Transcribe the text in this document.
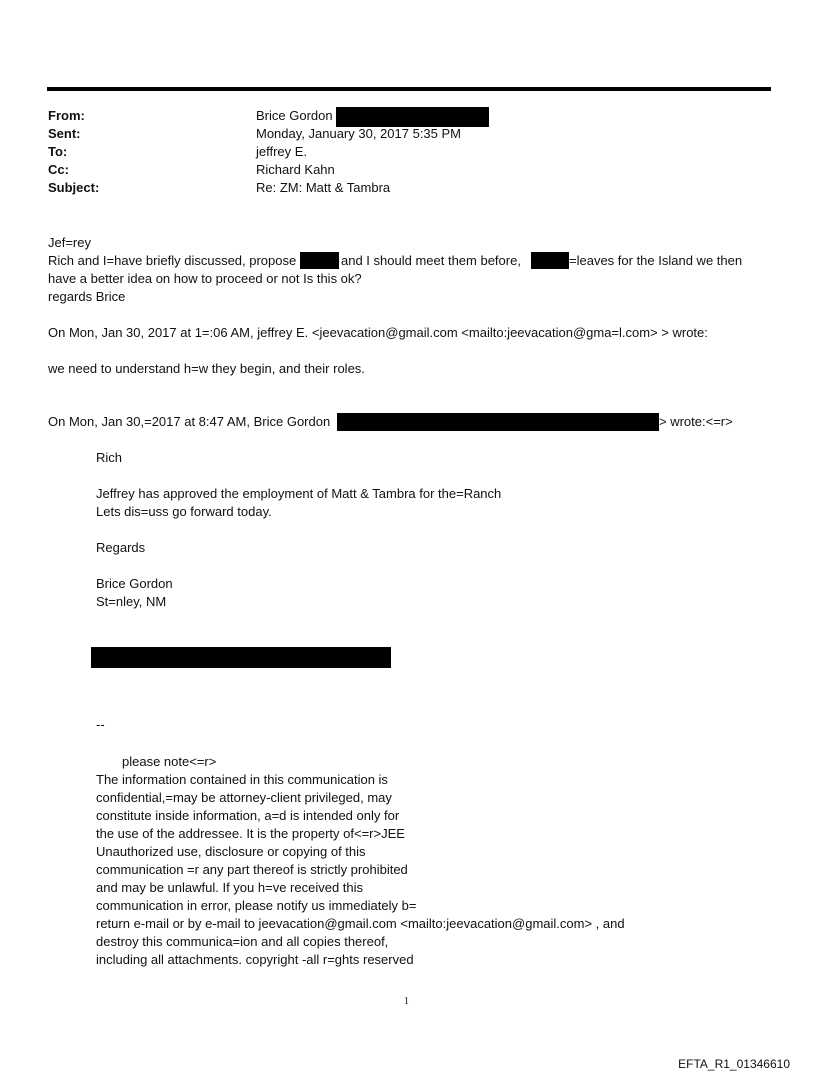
From:	Brice Gordon
Sent:	Monday, January 30, 2017 5:35 PM
To:	jeffrey E.
Cc:	Richard Kahn
Subject:	Re: ZM: Matt & Tambra
Jef=rey
Rich and I=have briefly discussed, propose	and I should meet them before,	=leaves for the Island we then
have a better idea on how to proceed or not Is this ok?
regards Brice
On Mon, Jan 30, 2017 at 1=:06 AM, jeffrey E. <jeevacation@gmail.com <mailto:jeevacation@gma=l.com> > wrote:
we need to understand h=w they begin, and their roles.
On Mon, Jan 30,=2017 at 8:47 AM, Brice Gordon	> wrote:<=r>
Rich
Jeffrey has approved the employment of Matt & Tambra for the=Ranch
Lets dis=uss go forward today.
Regards
Brice Gordon
St=nley, NM
--
please note<=r>
The information contained in this communication is
confidential,=may be attorney-client privileged, may
constitute inside information, a=d is intended only for
the use of the addressee. It is the property of<=r>JEE
Unauthorized use, disclosure or copying of this
communication =r any part thereof is strictly prohibited
and may be unlawful. If you h=ve received this
communication in error, please notify us immediately b=
return e-mail or by e-mail to jeevacation@gmail.com <mailto:jeevacation@gmail.com> , and
destroy this communica=ion and all copies thereof,
including all attachments. copyright -all r=ghts reserved
1
EFTA_R1_01346610
